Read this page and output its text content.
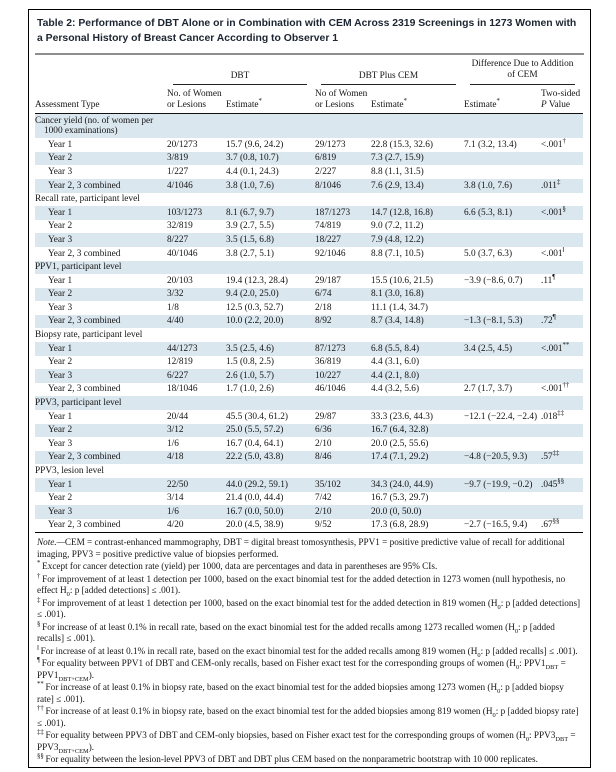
Table 2: Performance of DBT Alone or in Combination with CEM Across 2319 Screenings in 1273 Women with a Personal History of Breast Cancer According to Observer 1

	DBT		DBT Plus CEM		Difference Due to Addition
of CEM	

Assessment Type	No. of Women or Lesions	Estimate*	No of Women or Lesions	Estimate*	Estimate*	Two-sided
P Value

Cancer yield (no. of women per 1000 examinations)						

Year 1	20/1273	15.7 (9.6, 24.2)	29/1273	22.8 (15.3, 32.6)	7.1 (3.2, 13.4)	<.001†
Year 2	3/819	3.7 (0.8, 10.7)	6/819	7.3 (2.7, 15.9)		
Year 3	1/227	4.4 (0.1, 24.3)	2/227	8.8 (1.1, 31.5)		
Year 2, 3 combined	4/1046	3.8 (1.0, 7.6)	8/1046	7.6 (2.9, 13.4)	3.8 (1.0, 7.6)	.011‡

Recall rate, participant level						

Year 1	103/1273	8.1 (6.7, 9.7)	187/1273	14.7 (12.8, 16.8)	6.6 (5.3, 8.1)	<.001§
Year 2	32/819	3.9 (2.7, 5.5)	74/819	9.0 (7.2, 11.2)		
Year 3	8/227	3.5 (1.5, 6.8)	18/227	7.9 (4.8, 12.2)		
Year 2, 3 combined	40/1046	3.8 (2.7, 5.1)	92/1046	8.8 (7.1, 10.5)	5.0 (3.7, 6.3)	<.001‖

PPV1, participant level						

Year 1	20/103	19.4 (12.3, 28.4)	29/187	15.5 (10.6, 21.5)	−3.9 (−8.6, 0.7)	.11¶
Year 2	3/32	9.4 (2.0, 25.0)	6/74	8.1 (3.0, 16.8)		
Year 3	1/8	12.5 (0.3, 52.7)	2/18	11.1 (1.4, 34.7)		
Year 2, 3 combined	4/40	10.0 (2.2, 20.0)	8/92	8.7 (3.4, 14.8)	−1.3 (−8.1, 5.3)	.72¶

Biopsy rate, participant level						

Year 1	44/1273	3.5 (2.5, 4.6)	87/1273	6.8 (5.5, 8.4)	3.4 (2.5, 4.5)	<.001**
Year 2	12/819	1.5 (0.8, 2.5)	36/819	4.4 (3.1, 6.0)		
Year 3	6/227	2.6 (1.0, 5.7)	10/227	4.4 (2.1, 8.0)		
Year 2, 3 combined	18/1046	1.7 (1.0, 2.6)	46/1046	4.4 (3.2, 5.6)	2.7 (1.7, 3.7)	<.001††

PPV3, participant level						

Year 1	20/44	45.5 (30.4, 61.2)	29/87	33.3 (23.6, 44.3)	−12.1 (−22.4, −2.4)	.018‡‡
Year 2	3/12	25.0 (5.5, 57.2)	6/36	16.7 (6.4, 32.8)		
Year 3	1/6	16.7 (0.4, 64.1)	2/10	20.0 (2.5, 55.6)		
Year 2, 3 combined	4/18	22.2 (5.0, 43.8)	8/46	17.4 (7.1, 29.2)	−4.8 (−20.5, 9.3)	.57‡‡

PPV3, lesion level						

Year 1	22/50	44.0 (29.2, 59.1)	35/102	34.3 (24.0, 44.9)	−9.7 (−19.9, −0.2)	.045§§
Year 2	3/14	21.4 (0.0, 44.4)	7/42	16.7 (5.3, 29.7)		
Year 3	1/6	16.7 (0.0, 50.0)	2/10	20.0 (0, 50.0)		
Year 2, 3 combined	4/20	20.0 (4.5, 38.9)	9/52	17.3 (6.8, 28.9)	−2.7 (−16.5, 9.4)	.67§§
Note.—CEM = contrast-enhanced mammography, DBT = digital breast tomosynthesis, PPV1 = positive predictive value of recall for additional imaging, PPV3 = positive predictive value of biopsies performed.
* Except for cancer detection rate (yield) per 1000, data are percentages and data in parentheses are 95% CIs.
† For improvement of at least 1 detection per 1000, based on the exact binomial test for the added detection in 1273 women (null hypothesis, no effect $H_0$: p [added detections] ≤ .001).
‡ For improvement of at least 1 detection per 1000, based on the exact binomial test for the added detection in 819 women ($H_0$: p [added detections] ≤ .001).
§ For increase of at least 0.1% in recall rate, based on the exact binomial test for the added recalls among 1273 recalled women ($H_0$: p [added recalls] ≤ .001).
‖ For increase of at least 0.1% in recall rate, based on the exact binomial test for the added recalls among 819 women ($H_0$: p [added recalls] ≤ .001).
¶ For equality between PPV1 of DBT and CEM-only recalls, based on Fisher exact test for the corresponding groups of women ($H_0$: $PPV1_{DBT} = PPV1_{DBT+CEM}$).
** For increase of at least 0.1% in biopsy rate, based on the exact binomial test for the added biopsies among 1273 women ($H_0$: p [added biopsy rate] ≤ .001).
†† For increase of at least 0.1% in biopsy rate, based on the exact binomial test for the added biopsies among 819 women ($H_0$: p [added biopsy rate] ≤ .001).
‡‡ For equality between PPV3 of DBT and CEM-only biopsies, based on Fisher exact test for the corresponding groups of women ($H_0$: $PPV3_{DBT} = PPV3_{DBT+CEM}$).
§§ For equality between the lesion-level PPV3 of DBT and DBT plus CEM based on the nonparametric bootstrap with 10 000 replicates.
